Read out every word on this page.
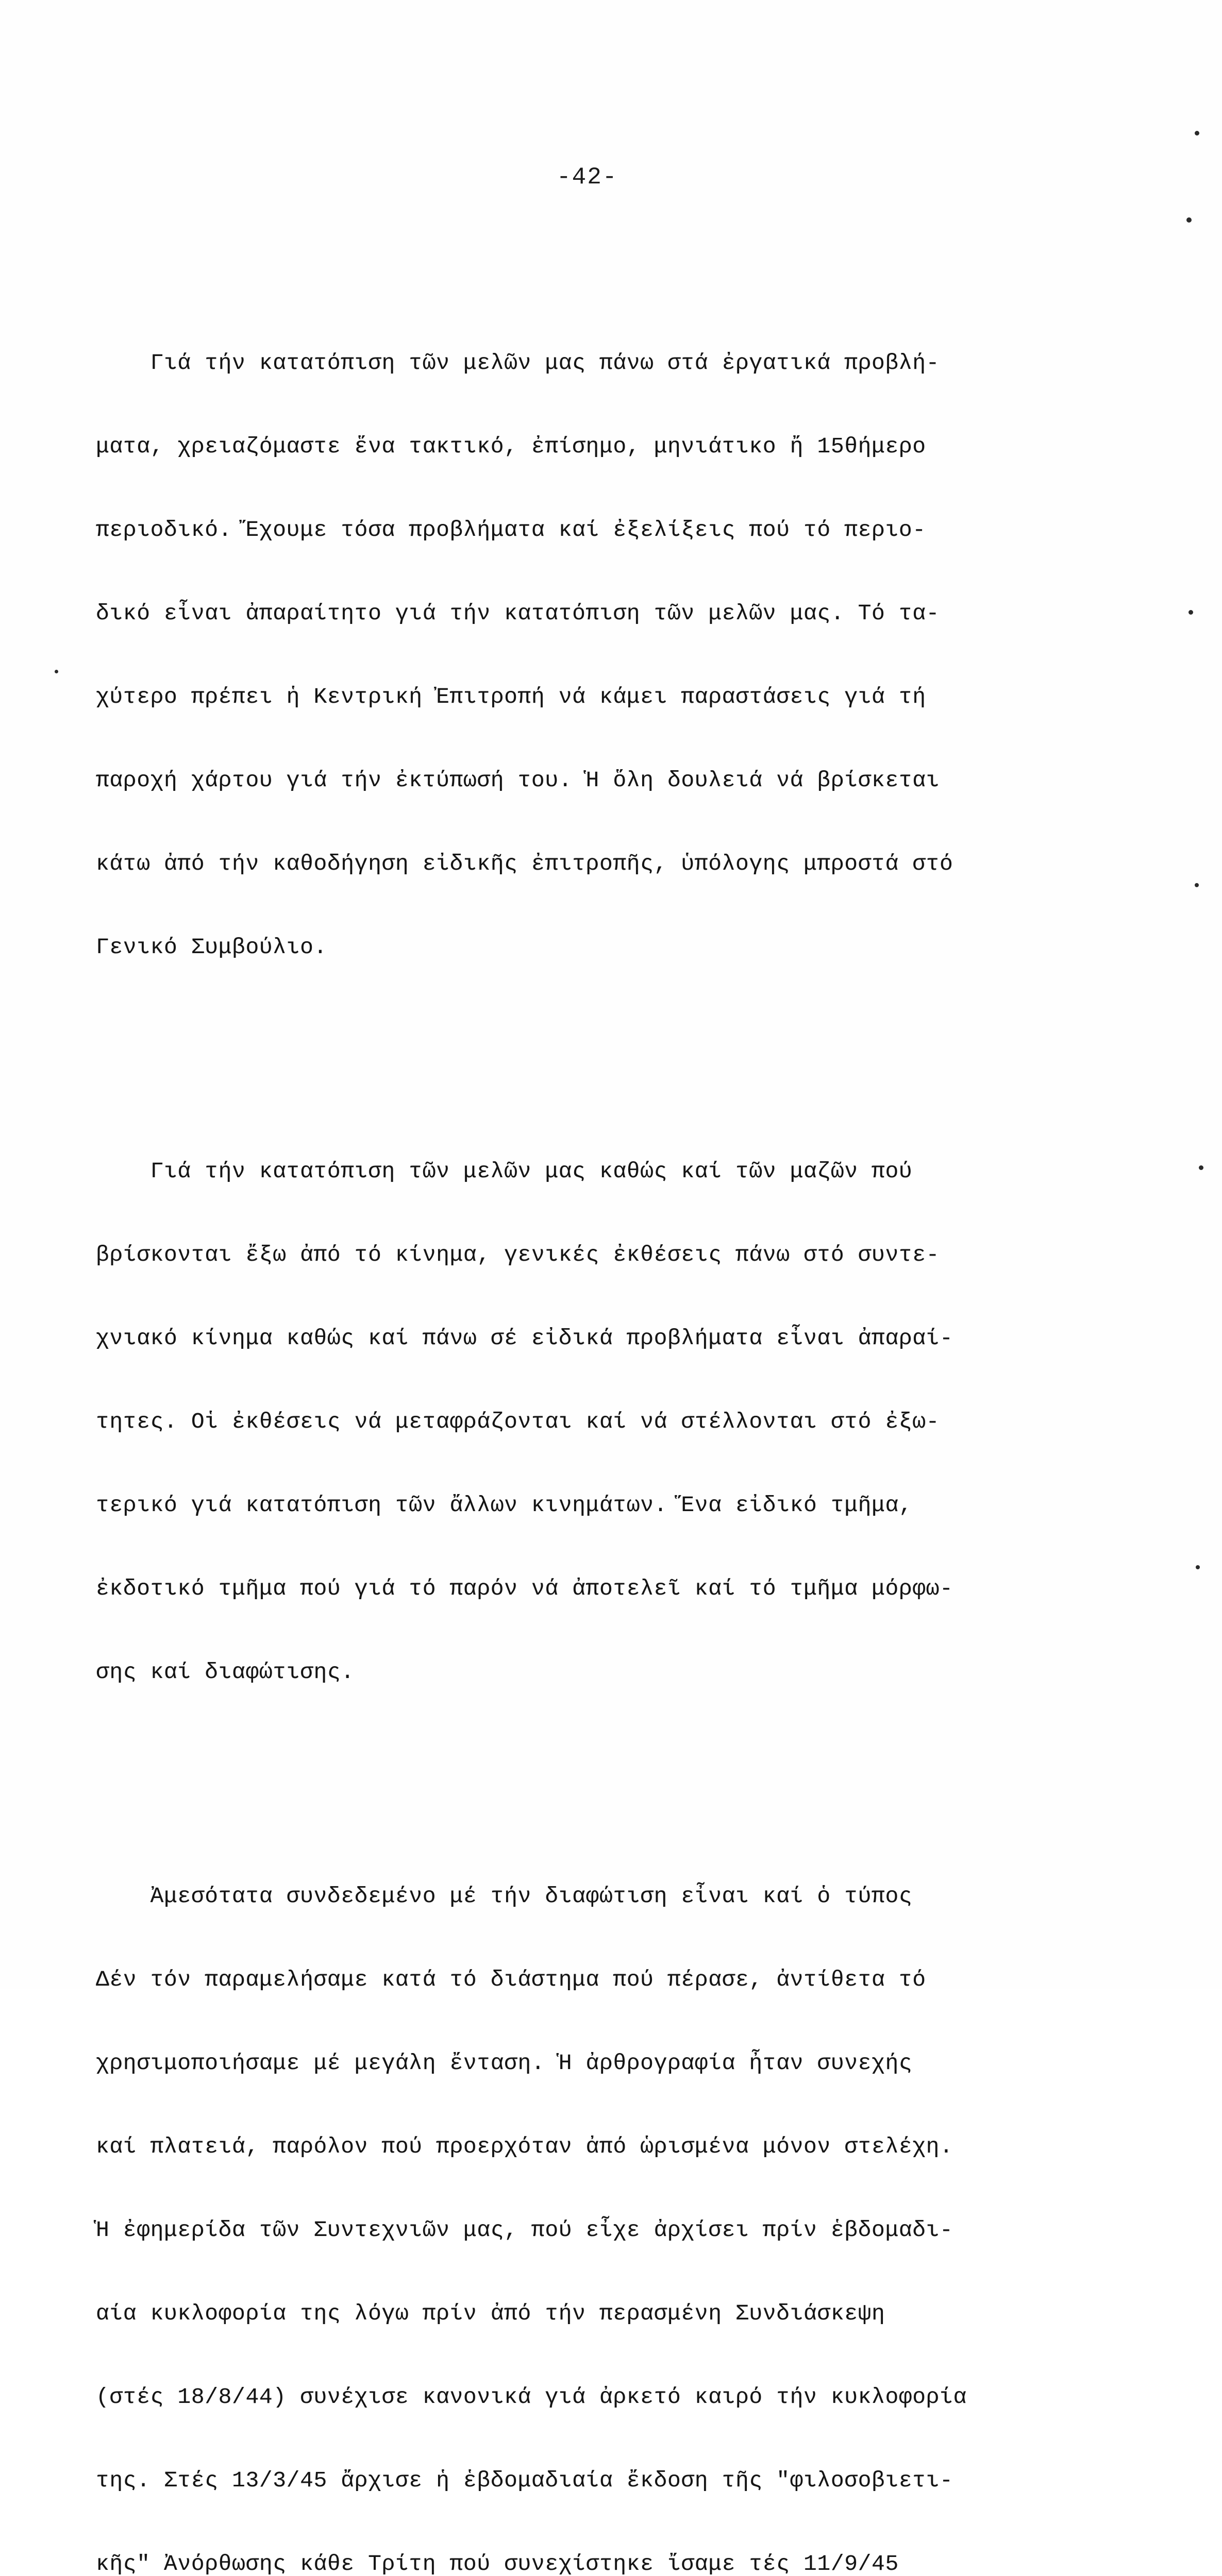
-42-

Γιά τήν κατατόπιση τῶν μελῶν μας πάνω στά ἐργατικά προβλή-

ματα, χρειαζόμαστε ἕνα τακτικό, ἐπίσημο, μηνιάτικο ἤ 15θήμερο

περιοδικό. Ἔχουμε τόσα προβλήματα καί ἐξελίξεις πού τό περιο-

δικό εἶναι ἀπαραίτητο γιά τήν κατατόπιση τῶν μελῶν μας. Τό τα-

χύτερο πρέπει ἡ Κεντρική Ἐπιτροπή νά κάμει παραστάσεις γιά τή

παροχή χάρτου γιά τήν ἐκτύπωσή του. Ἡ ὅλη δουλειά νά βρίσκεται

κάτω ἀπό τήν καθοδήγηση εἰδικῆς ἐπιτροπῆς, ὑπόλογης μπροστά στό

Γενικό Συμβούλιο.

Γιά τήν κατατόπιση τῶν μελῶν μας καθώς καί τῶν μαζῶν πού

βρίσκονται ἔξω ἀπό τό κίνημα, γενικές ἐκθέσεις πάνω στό συντε-

χνιακό κίνημα καθώς καί πάνω σέ εἰδικά προβλήματα εἶναι ἀπαραί-

τητες. Οἱ ἐκθέσεις νά μεταφράζονται καί νά στέλλονται στό ἐξω-

τερικό γιά κατατόπιση τῶν ἄλλων κινημάτων. Ἕνα εἰδικό τμῆμα,

ἐκδοτικό τμῆμα πού γιά τό παρόν νά ἀποτελεῖ καί τό τμῆμα μόρφω-

σης καί διαφώτισης.

Ἀμεσότατα συνδεδεμένο μέ τήν διαφώτιση εἶναι καί ὁ τύπος

Δέν τόν παραμελήσαμε κατά τό διάστημα πού πέρασε, ἀντίθετα τό

χρησιμοποιήσαμε μέ μεγάλη ἔνταση. Ἡ ἀρθρογραφία ἦταν συνεχής

καί πλατειά, παρόλον πού προερχόταν ἀπό ὡρισμένα μόνον στελέχη.

Ἡ ἐφημερίδα τῶν Συντεχνιῶν μας, πού εἶχε ἀρχίσει πρίν ἑβδομαδι-

αία κυκλοφορία της λόγω πρίν ἀπό τήν περασμένη Συνδιάσκεψη

(στές 18/8/44) συνέχισε κανονικά γιά ἀρκετό καιρό τήν κυκλοφορία

της. Στές 13/3/45 ἄρχισε ἡ ἑβδομαδιαία ἔκδοση τῆς "φιλοσοβιετι-

κῆς" Ἀνόρθωσης κάθε Τρίτη πού συνεχίστηκε ἴσαμε τές 11/9/45
